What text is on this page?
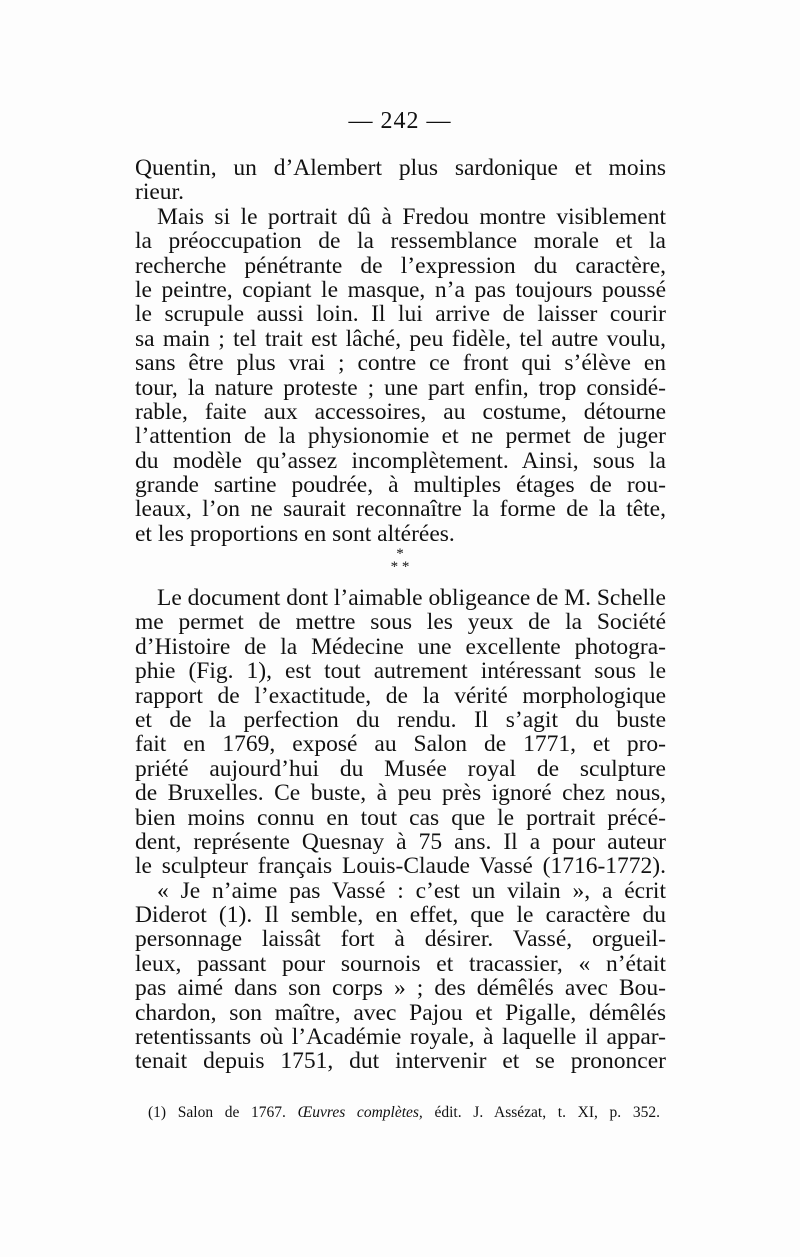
— 242 —
Quentin, un d’Alembert plus sardonique et moins
rieur.
Mais si le portrait dû à Fredou montre visiblement
la préoccupation de la ressemblance morale et la
recherche pénétrante de l’expression du caractère,
le peintre, copiant le masque, n’a pas toujours poussé
le scrupule aussi loin. Il lui arrive de laisser courir
sa main ; tel trait est lâché, peu fidèle, tel autre voulu,
sans être plus vrai ; contre ce front qui s’élève en
tour, la nature proteste ; une part enfin, trop considé-
rable, faite aux accessoires, au costume, détourne
l’attention de la physionomie et ne permet de juger
du modèle qu’assez incomplètement. Ainsi, sous la
grande sartine poudrée, à multiples étages de rou-
leaux, l’on ne saurait reconnaître la forme de la tête,
et les proportions en sont altérées.
*
* *
Le document dont l’aimable obligeance de M. Schelle
me permet de mettre sous les yeux de la Société
d’Histoire de la Médecine une excellente photogra-
phie (Fig. 1), est tout autrement intéressant sous le
rapport de l’exactitude, de la vérité morphologique
et de la perfection du rendu. Il s’agit du buste
fait en 1769, exposé au Salon de 1771, et pro-
priété aujourd’hui du Musée royal de sculpture
de Bruxelles. Ce buste, à peu près ignoré chez nous,
bien moins connu en tout cas que le portrait précé-
dent, représente Quesnay à 75 ans. Il a pour auteur
le sculpteur français Louis-Claude Vassé (1716-1772).
« Je n’aime pas Vassé : c’est un vilain », a écrit
Diderot (1). Il semble, en effet, que le caractère du
personnage laissât fort à désirer. Vassé, orgueil-
leux, passant pour sournois et tracassier, « n’était
pas aimé dans son corps » ; des démêlés avec Bou-
chardon, son maître, avec Pajou et Pigalle, démêlés
retentissants où l’Académie royale, à laquelle il appar-
tenait depuis 1751, dut intervenir et se prononcer
(1) Salon de 1767. Œuvres complètes, édit. J. Assézat, t. XI, p. 352.
